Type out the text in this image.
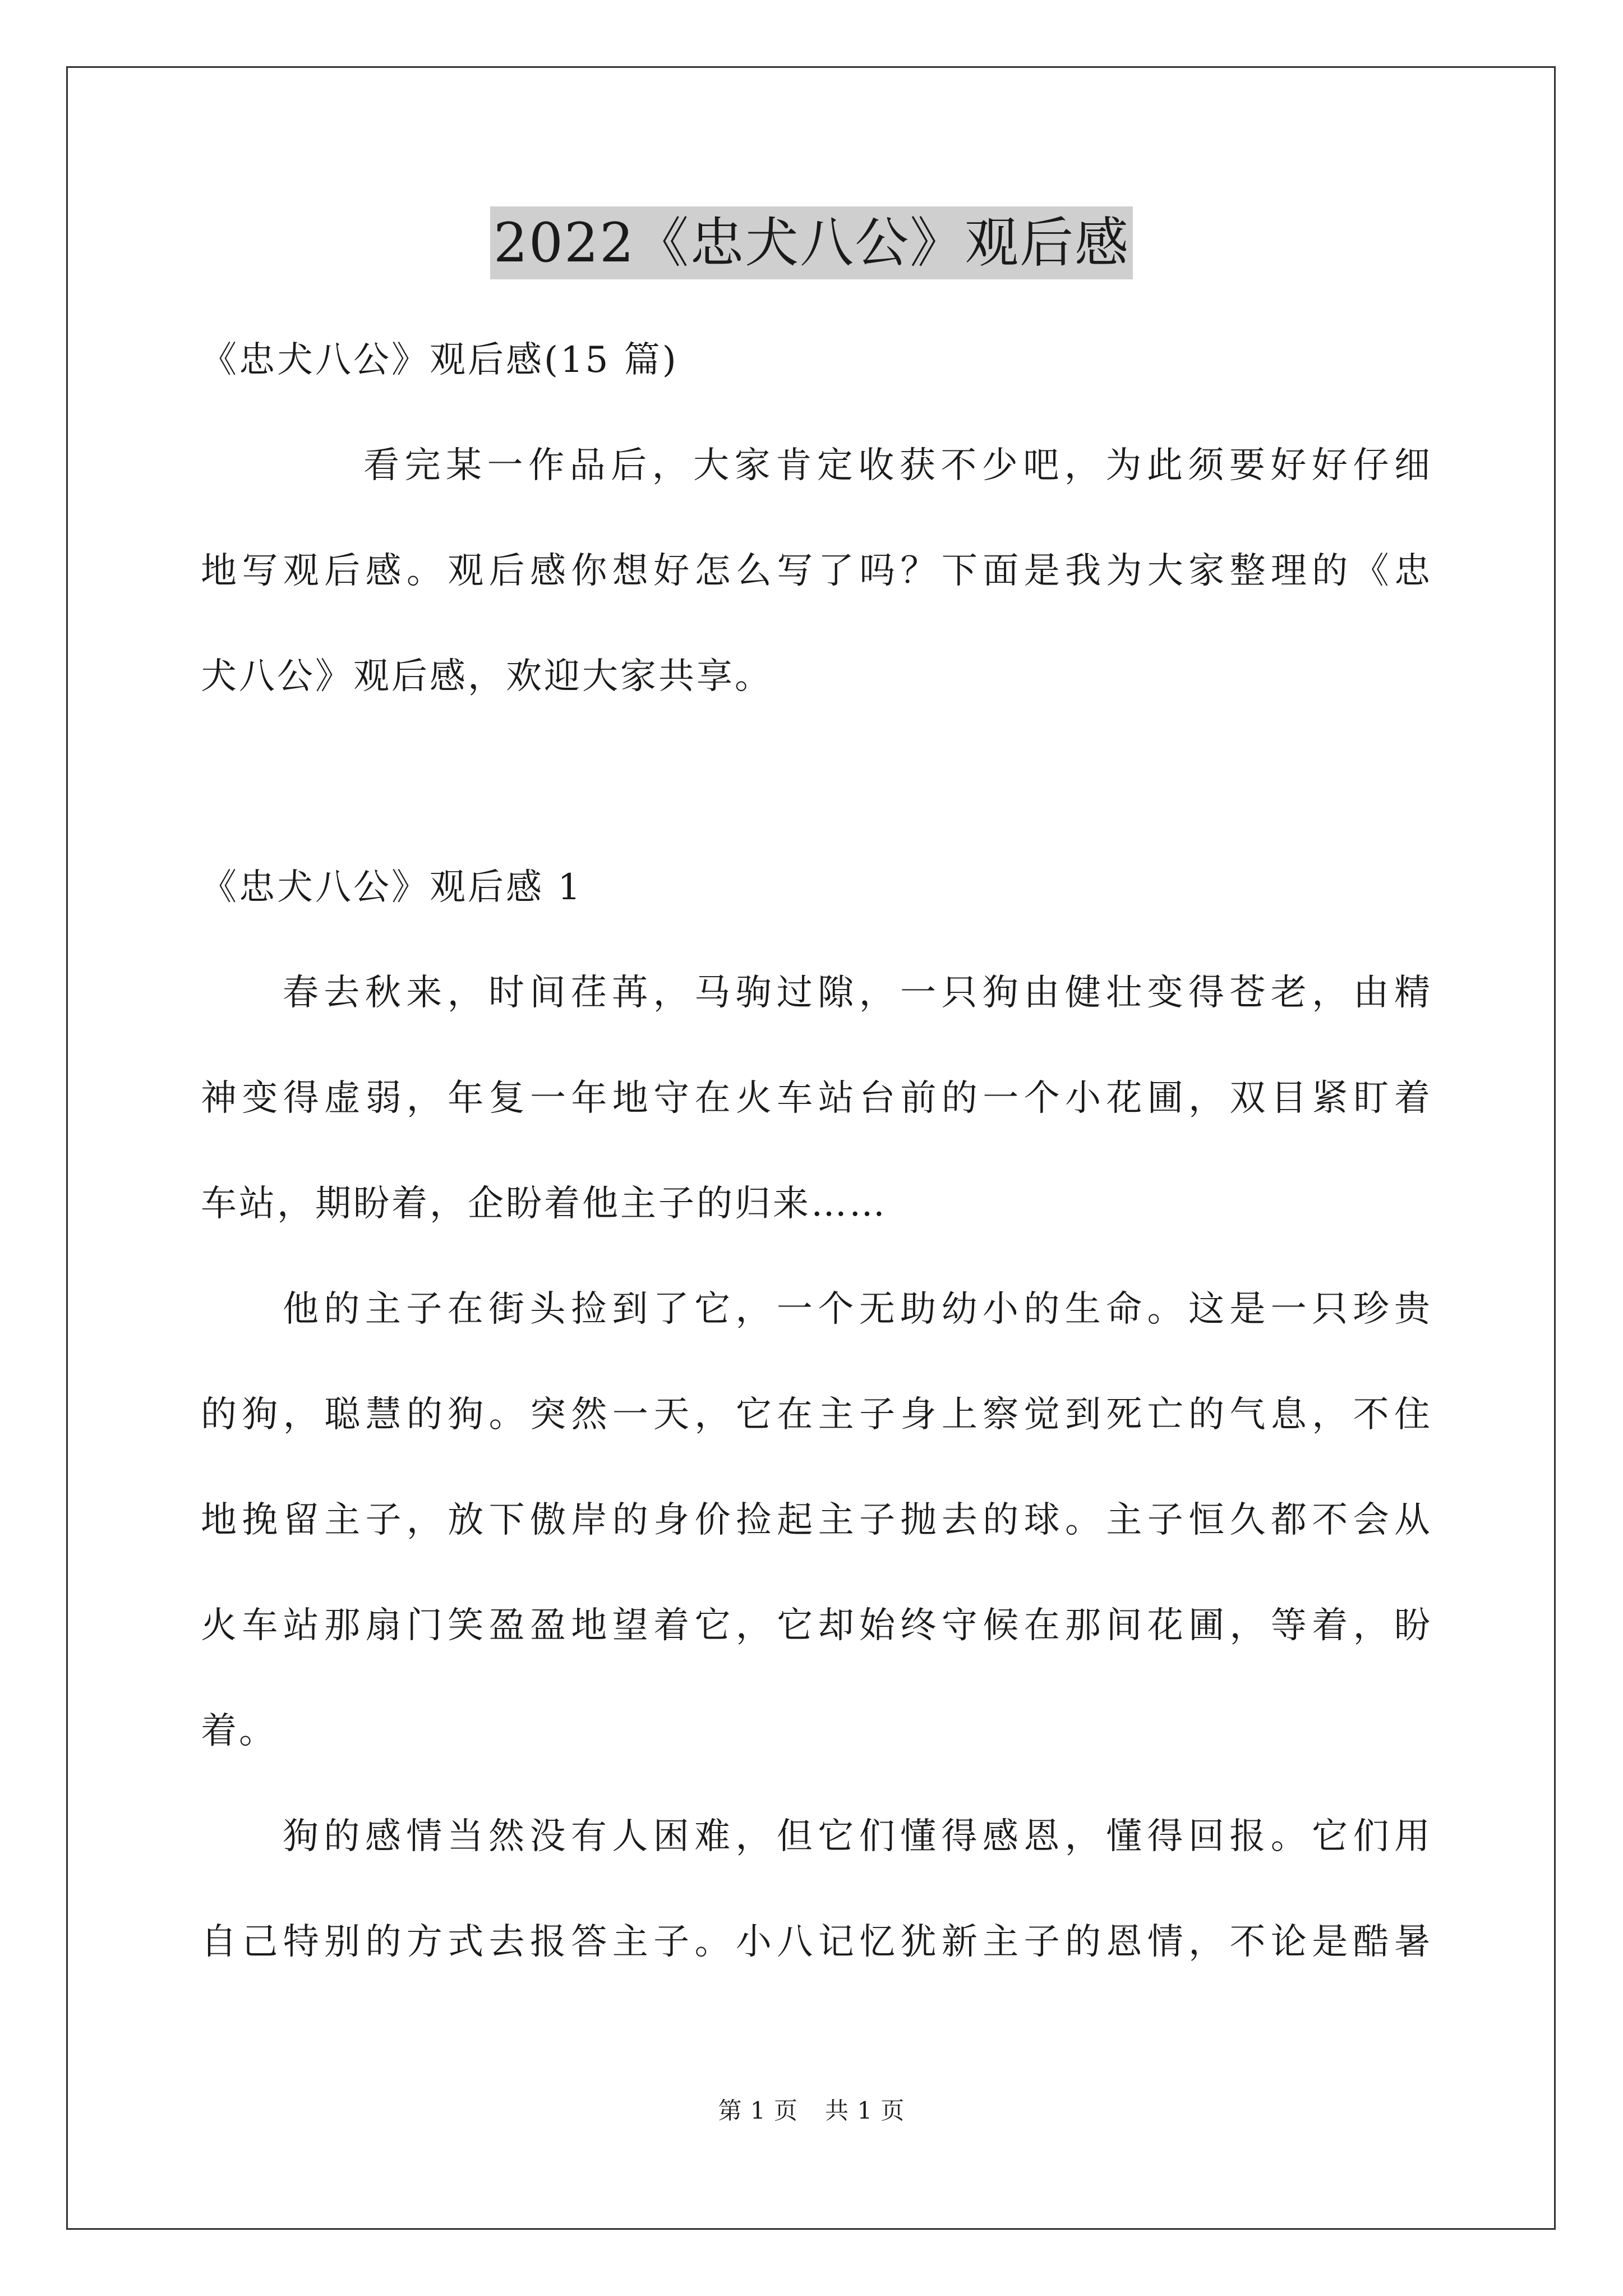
2022《忠犬八公》观后感
《忠犬八公》观后感(15 篇)
看完某一作品后，大家肯定收获不少吧，为此须要好好仔细
地写观后感。观后感你想好怎么写了吗？下面是我为大家整理的《忠
犬八公》观后感，欢迎大家共享。
《忠犬八公》观后感 1
春去秋来，时间荏苒，马驹过隙，一只狗由健壮变得苍老，由精
神变得虚弱，年复一年地守在火车站台前的一个小花圃，双目紧盯着
车站，期盼着，企盼着他主子的归来……
他的主子在街头捡到了它，一个无助幼小的生命。这是一只珍贵
的狗，聪慧的狗。突然一天，它在主子身上察觉到死亡的气息，不住
地挽留主子，放下傲岸的身价捡起主子抛去的球。主子恒久都不会从
火车站那扇门笑盈盈地望着它，它却始终守候在那间花圃，等着，盼
着。
狗的感情当然没有人困难，但它们懂得感恩，懂得回报。它们用
自己特别的方式去报答主子。小八记忆犹新主子的恩情，不论是酷暑
第 1 页 共 1 页
